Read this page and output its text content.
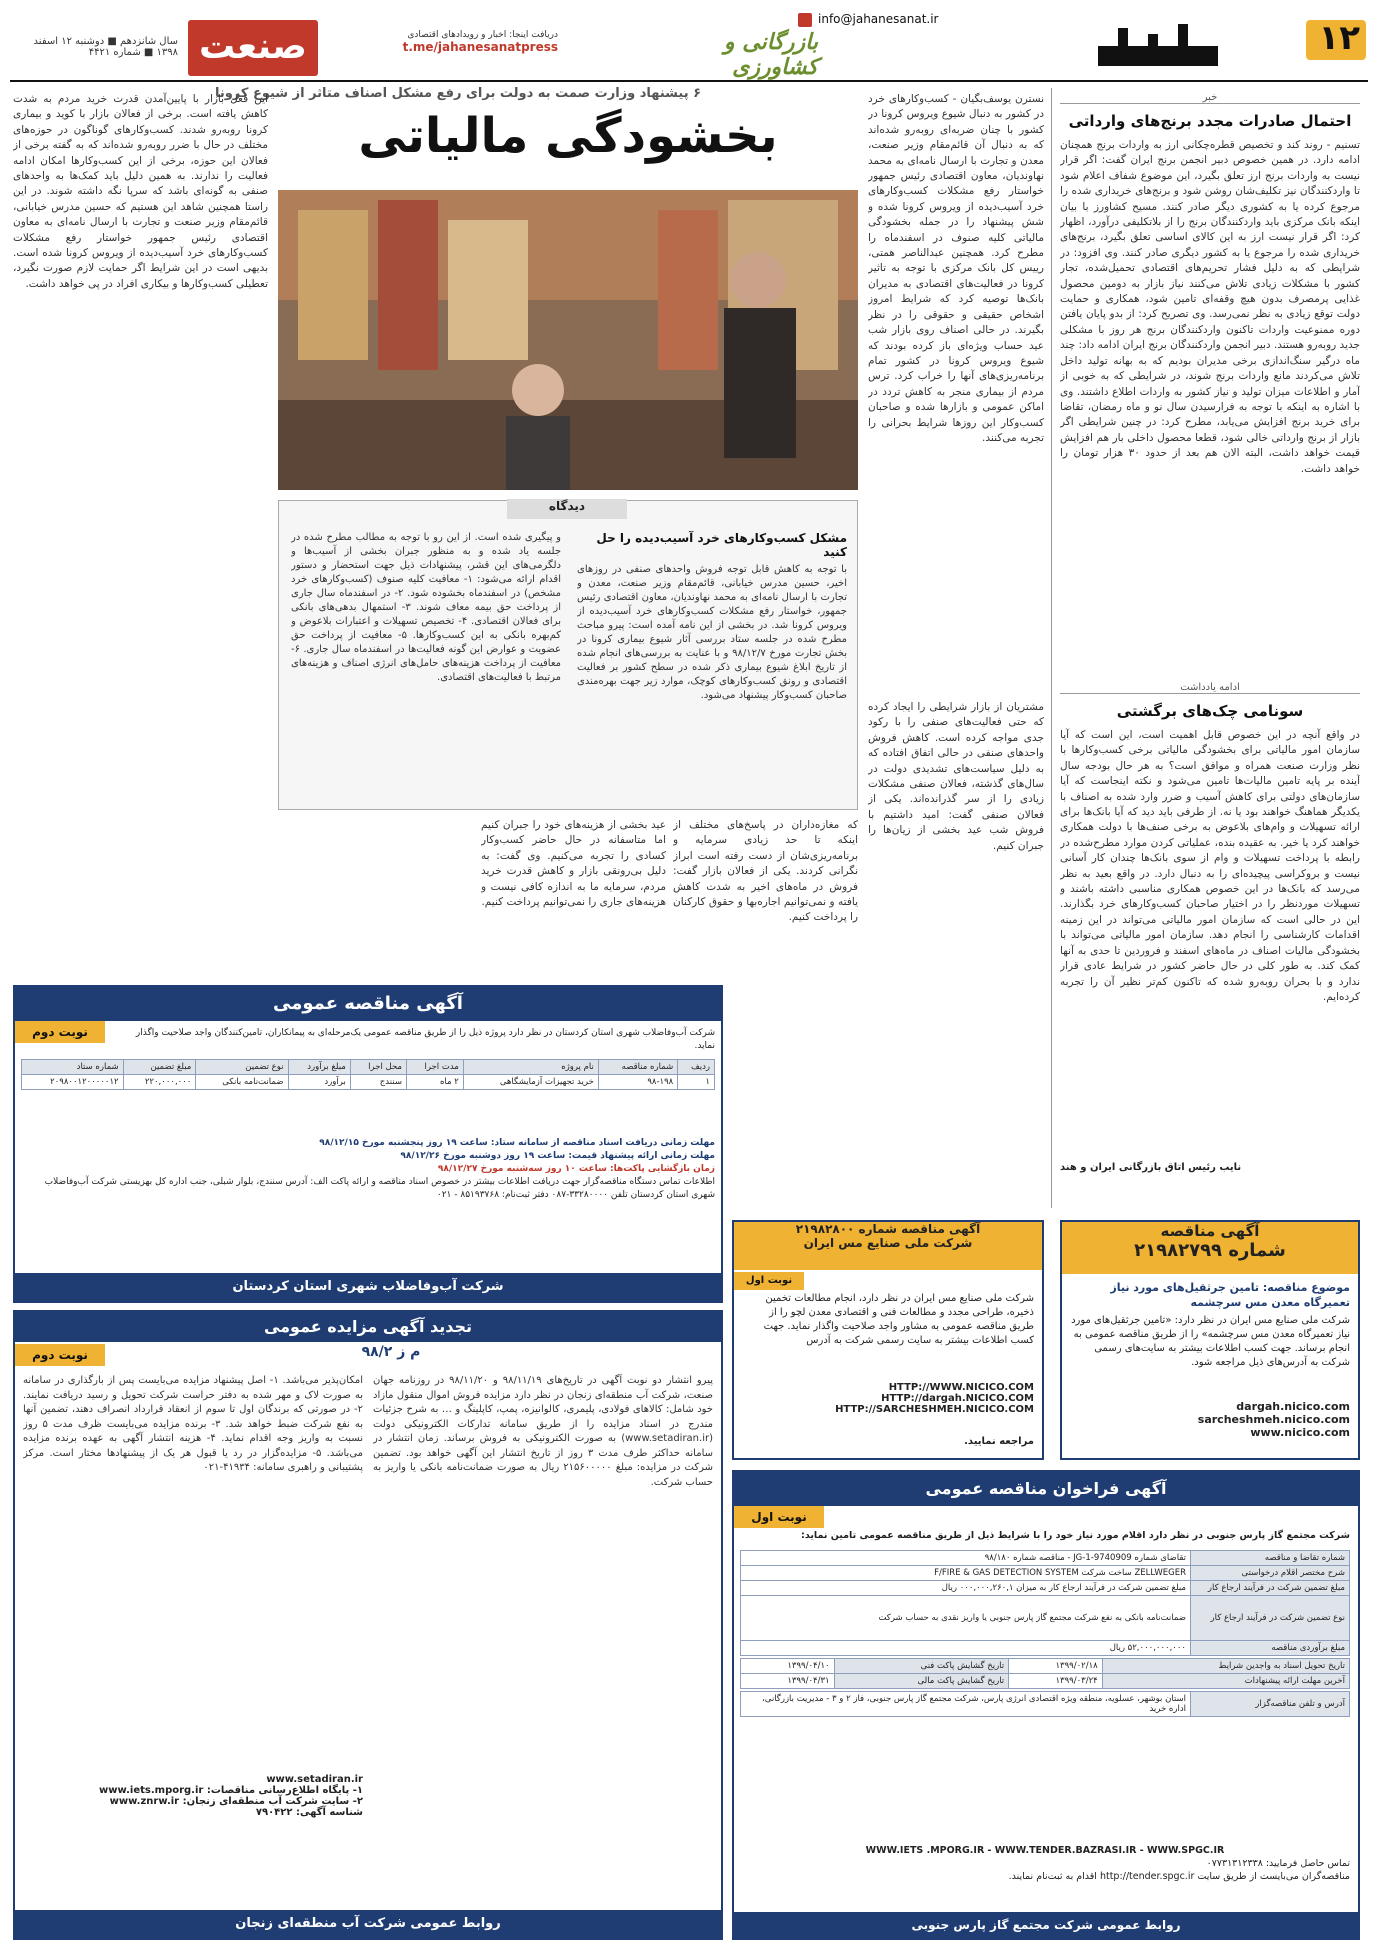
۱۲
info@jahanesanat.ir
بازرگانی و کشاورزی
دریافت اینجا: اخبار و رویدادهای اقتصادی
t.me/jahanesanatpress
صنعت
سال شانزدهم ■ دوشنبه ۱۲ اسفند ۱۳۹۸ ■ شماره ۴۴۲۱
خبر
احتمال صادرات مجدد برنج‌های وارداتی
تسنیم - روند کند و تخصیص قطره‌چکانی ارز به واردات برنج همچنان ادامه دارد. در همین خصوص دبیر انجمن برنج ایران گفت: اگر قرار نیست به واردات برنج ارز تعلق بگیرد، این موضوع شفاف اعلام شود تا واردکنندگان نیز تکلیف‌شان روشن شود و برنج‌های خریداری شده را مرجوع کرده یا به کشوری دیگر صادر کنند. مسیح کشاورز با بیان اینکه بانک مرکزی باید واردکنندگان برنج را از بلاتکلیفی درآورد، اظهار کرد: اگر قرار نیست ارز به این کالای اساسی تعلق بگیرد، برنج‌های خریداری شده را مرجوع یا به کشور دیگری صادر کنند. وی افزود: در شرایطی که به دلیل فشار تحریم‌های اقتصادی تحمیل‌شده، تجار کشور با مشکلات زیادی تلاش می‌کنند نیاز بازار به دومین محصول غذایی پرمصرف بدون هیچ وقفه‌ای تامین شود، همکاری و حمایت دولت توقع زیادی به نظر نمی‌رسد. وی تصریح کرد: از بدو پایان یافتن دوره ممنوعیت واردات تاکنون واردکنندگان برنج هر روز با مشکلی جدید روبه‌رو هستند. دبیر انجمن واردکنندگان برنج ایران ادامه داد: چند ماه درگیر سنگ‌اندازی برخی مدیران بودیم که به بهانه تولید داخل تلاش می‌کردند مانع واردات برنج شوند، در شرایطی که به خوبی از آمار و اطلاعات میزان تولید و نیاز کشور به واردات اطلاع داشتند. وی با اشاره به اینکه با توجه به فرارسیدن سال نو و ماه رمضان، تقاضا برای خرید برنج افزایش می‌یابد، مطرح کرد: در چنین شرایطی اگر بازار از برنج وارداتی خالی شود، قطعا محصول داخلی بار هم افزایش قیمت خواهد داشت، البته الان هم بعد از حدود ۳۰ هزار تومان را خواهد داشت.
ادامه یادداشت
سونامی چک‌های برگشتی
در واقع آنچه در این خصوص قابل اهمیت است، این است که آیا سازمان امور مالیاتی برای بخشودگی مالیاتی برخی کسب‌وکارها با نظر وزارت صنعت همراه و موافق است؟ به هر حال بودجه سال آینده بر پایه تامین مالیات‌ها تامین می‌شود و نکته اینجاست که آیا سازمان‌های دولتی برای کاهش آسیب و ضرر وارد شده به اصناف با یکدیگر هماهنگ خواهند بود یا نه. از طرفی باید دید که آیا بانک‌ها برای ارائه تسهیلات و وام‌های بلاعوض به برخی صنف‌ها با دولت همکاری خواهند کرد یا خیر. به عقیده بنده، عملیاتی کردن موارد مطرح‌شده در رابطه با پرداخت تسهیلات و وام از سوی بانک‌ها چندان کار آسانی نیست و بروکراسی پیچیده‌ای را به دنبال دارد. در واقع بعید به نظر می‌رسد که بانک‌ها در این خصوص همکاری مناسبی داشته باشند و تسهیلات موردنظر را در اختیار صاحبان کسب‌وکارهای خرد بگذارند. این در حالی است که سازمان امور مالیاتی می‌تواند در این زمینه اقدامات کارشناسی را انجام دهد. سازمان امور مالیاتی می‌تواند با بخشودگی مالیات اصناف در ماه‌های اسفند و فروردین تا حدی به آنها کمک کند. به طور کلی در حال حاضر کشور در شرایط عادی قرار ندارد و با بحران روبه‌رو شده که تاکنون کم‌تر نظیر آن را تجربه کرده‌ایم.
نایب رئیس اتاق بازرگانی ایران و هند
۶ پیشنهاد وزارت صمت به دولت برای رفع مشکل اصناف متاثر از شیوع کرونا
بخشودگی مالیاتی
نسترن یوسف‌بگیان - کسب‌وکارهای خرد در کشور به دنبال شیوع ویروس کرونا در کشور با چنان ضربه‌ای روبه‌رو شده‌اند که به دنبال آن قائم‌مقام وزیر صنعت، معدن و تجارت با ارسال نامه‌ای به محمد نهاوندیان، معاون اقتصادی رئیس جمهور خواستار رفع مشکلات کسب‌وکارهای خرد آسیب‌دیده از ویروس کرونا شده و شش پیشنهاد را در جمله بخشودگی مالیاتی کلیه صنوف در اسفندماه را مطرح کرد. همچنین عبدالناصر همتی، رییس کل بانک مرکزی با توجه به تاثیر کرونا در فعالیت‌های اقتصادی به مدیران بانک‌ها توصیه کرد که شرایط امروز اشخاص حقیقی و حقوقی را در نظر بگیرند. در حالی اصناف روی بازار شب عید حساب ویژه‌ای باز کرده بودند که شیوع ویروس کرونا در کشور تمام برنامه‌ریزی‌های آنها را خراب کرد. ترس مردم از بیماری منجر به کاهش تردد در اماکن عمومی و بازارها شده و صاحبان کسب‌وکار این روزها شرایط بحرانی را تجربه می‌کنند.
دیدگاه
مشکل کسب‌وکارهای خرد آسیب‌دیده را حل کنید
با توجه به کاهش قابل توجه فروش واحدهای صنفی در روزهای اخیر، حسین مدرس خیابانی، قائم‌مقام وزیر صنعت، معدن و تجارت با ارسال نامه‌ای به محمد نهاوندیان، معاون اقتصادی رئیس جمهور، خواستار رفع مشکلات کسب‌وکارهای خرد آسیب‌دیده از ویروس کرونا شد. در بخشی از این نامه آمده است: پیرو مباحث مطرح شده در جلسه ستاد بررسی آثار شیوع بیماری کرونا در بخش تجارت مورخ ۹۸/۱۲/۷ و با عنایت به بررسی‌های انجام شده از تاریخ ابلاغ شیوع بیماری ذکر شده در سطح کشور بر فعالیت اقتصادی و رونق کسب‌وکارهای کوچک، موارد زیر جهت بهره‌مندی صاحبان کسب‌وکار پیشنهاد می‌شود.
و پیگیری شده است. از این رو با توجه به مطالب مطرح شده در جلسه یاد شده و به منظور جبران بخشی از آسیب‌ها و دلگرمی‌های این قشر، پیشنهادات ذیل جهت استحضار و دستور اقدام ارائه می‌شود: ۱- معافیت کلیه صنوف (کسب‌وکارهای خرد مشخص) در اسفندماه بخشوده شود. ۲- در اسفندماه سال جاری از پرداخت حق بیمه معاف شوند. ۳- استمهال بدهی‌های بانکی برای فعالان اقتصادی. ۴- تخصیص تسهیلات و اعتبارات بلاعوض و کم‌بهره بانکی به این کسب‌وکارها. ۵- معافیت از پرداخت حق عضویت و عوارض این گونه فعالیت‌ها در اسفندماه سال جاری. ۶- معافیت از پرداخت هزینه‌های حامل‌های انرژی اصناف و هزینه‌های مرتبط با فعالیت‌های اقتصادی.
مشتریان از بازار شرایطی را ایجاد کرده که حتی فعالیت‌های صنفی را با رکود جدی مواجه کرده است. کاهش فروش واحدهای صنفی در حالی اتفاق افتاده که به دلیل سیاست‌های تشدیدی دولت در سال‌های گذشته، فعالان صنفی مشکلات زیادی را از سر گذرانده‌اند. یکی از فعالان صنفی گفت: امید داشتیم با فروش شب عید بخشی از زیان‌ها را جبران کنیم.
که مغازه‌داران در پاسخ‌های مختلف از اینکه تا حد زیادی سرمایه و برنامه‌ریزی‌شان از دست رفته است ابراز نگرانی کردند. یکی از فعالان بازار گفت: فروش در ماه‌های اخیر به شدت کاهش یافته و نمی‌توانیم اجاره‌بها و حقوق کارکنان را پرداخت کنیم.
عید بخشی از هزینه‌های خود را جبران کنیم اما متاسفانه در حال حاضر کسب‌وکار کسادی را تجربه می‌کنیم. وی گفت: به دلیل بی‌رونقی بازار و کاهش قدرت خرید مردم، سرمایه ما به اندازه کافی نیست و هزینه‌های جاری را نمی‌توانیم پرداخت کنیم.
این فعل بازار با پایین‌آمدن قدرت خرید مردم به شدت کاهش یافته است. برخی از فعالان بازار با کوید و بیماری کرونا روبه‌رو شدند. کسب‌وکارهای گوناگون در حوزه‌های مختلف در حال با ضرر روبه‌رو شده‌اند که به گفته برخی از فعالان این حوزه، برخی از این کسب‌وکارها امکان ادامه فعالیت را ندارند. به همین دلیل باید کمک‌ها به واحدهای صنفی به گونه‌ای باشد که سرپا نگه داشته شوند. در این راستا همچنین شاهد این هستیم که حسین مدرس خیابانی، قائم‌مقام وزیر صنعت و تجارت با ارسال نامه‌ای به معاون اقتصادی رئیس جمهور خواستار رفع مشکلات کسب‌وکارهای خرد آسیب‌دیده از ویروس کرونا شده است. بدیهی است در این شرایط اگر حمایت لازم صورت نگیرد، تعطیلی کسب‌وکارها و بیکاری افراد در پی خواهد داشت.
آگهی مناقصه عمومی
نوبت دوم	شرکت آب‌وفاضلاب شهری استان کردستان در نظر دارد پروژه ذیل را از طریق مناقصه عمومی یک‌مرحله‌ای به پیمانکاران، تامین‌کنندگان واجد صلاحیت واگذار نماید.
ردیف	شماره مناقصه	نام پروژه	مدت اجرا	محل اجرا	مبلغ برآورد	نوع تضمین	مبلغ تضمین	شماره ستاد
۱	۹۸-۱۹۸	خرید تجهیزات آزمایشگاهی	۲ ماه	سنندج	برآورد	ضمانت‌نامه بانکی	۲۲۰,۰۰۰,۰۰۰	۲۰۹۸۰۰۱۲۰۰۰۰۰۱۲
مهلت زمانی دریافت اسناد مناقصه از سامانه ستاد: ساعت ۱۹ روز پنجشنبه مورخ ۹۸/۱۲/۱۵
مهلت زمانی ارائه پیشنهاد قیمت: ساعت ۱۹ روز دوشنبه مورخ ۹۸/۱۲/۲۶
زمان بازگشایی پاکت‌ها: ساعت ۱۰ روز سه‌شنبه مورخ ۹۸/۱۲/۲۷
اطلاعات تماس دستگاه مناقصه‌گزار جهت دریافت اطلاعات بیشتر در خصوص اسناد مناقصه و ارائه پاکت الف: آدرس سنندج، بلوار شبلی، جنب اداره کل بهزیستی شرکت آب‌وفاضلاب شهری استان کردستان تلفن ۳۳۲۸۰۰۰۰-۰۸۷ دفتر ثبت‌نام: ۸۵۱۹۳۷۶۸ - ۰۲۱
شرکت آب‌وفاضلاب شهری استان کردستان
آگهی مناقصه
شماره ۲۱۹۸۲۷۹۹
موضوع مناقصه: تامین جرثقیل‌های مورد نیاز تعمیرگاه معدن مس سرچشمه
شرکت ملی صنایع مس ایران در نظر دارد: «تامین جرثقیل‌های مورد نیاز تعمیرگاه معدن مس سرچشمه» را از طریق مناقصه عمومی به انجام برساند. جهت کسب اطلاعات بیشتر به سایت‌های رسمی شرکت به آدرس‌های ذیل مراجعه شود.
dargah.nicico.com
sarcheshmeh.nicico.com
www.nicico.com
آگهی مناقصه شماره ۲۱۹۸۲۸۰۰
شرکت ملی صنایع مس ایران
نوبت اول
شرکت ملی صنایع مس ایران در نظر دارد، انجام مطالعات تخمین ذخیره، طراحی مجدد و مطالعات فنی و اقتصادی معدن لچو را از طریق مناقصه عمومی به مشاور واجد صلاحیت واگذار نماید. جهت کسب اطلاعات بیشتر به سایت رسمی شرکت به آدرس
HTTP://WWW.NICICO.COM
HTTP://dargah.NICICO.COM
HTTP://SARCHESHMEH.NICICO.COM
مراجعه نمایید.
تجدید آگهی مزایده عمومی
م ز ۹۸/۲
نوبت دوم
پیرو انتشار دو نوبت آگهی در تاریخ‌های ۹۸/۱۱/۱۹ و ۹۸/۱۱/۲۰ در روزنامه جهان صنعت، شرکت آب منطقه‌ای زنجان در نظر دارد مزایده فروش اموال منقول مازاد خود شامل: کالاهای فولادی، پلیمری، کالوانیزه، پمپ، کاپلینگ و … به شرح جزئیات مندرج در اسناد مزایده را از طریق سامانه تدارکات الکترونیکی دولت (www.setadiran.ir) به صورت الکترونیکی به فروش برساند. زمان انتشار در سامانه حداکثر طرف مدت ۳ روز از تاریخ انتشار این آگهی خواهد بود. تضمین شرکت در مزایده: مبلغ ۲۱۵۶۰۰۰۰۰ ریال به صورت ضمانت‌نامه بانکی یا واریز به حساب شرکت.
امکان‌پذیر می‌باشد. ۱- اصل پیشنهاد مزایده می‌بایست پس از بارگذاری در سامانه به صورت لاک و مهر شده به دفتر حراست شرکت تحویل و رسید دریافت نمایند. ۲- در صورتی که برندگان اول تا سوم از انعقاد قرارداد انصراف دهند، تضمین آنها به نفع شرکت ضبط خواهد شد. ۳- برنده مزایده می‌بایست ظرف مدت ۵ روز نسبت به واریز وجه اقدام نماید. ۴- هزینه انتشار آگهی به عهده برنده مزایده می‌باشد. ۵- مزایده‌گزار در رد یا قبول هر یک از پیشنهادها مختار است. مرکز پشتیبانی و راهبری سامانه: ۴۱۹۳۴-۰۲۱
www.setadiran.ir
۱- پایگاه اطلاع‌رسانی مناقصات: www.iets.mporg.ir
۲- سایت شرکت آب منطقه‌ای زنجان: www.znrw.ir
شناسه آگهی: ۷۹۰۴۲۲
روابط عمومی شرکت آب منطقه‌ای زنجان
آگهی فراخوان مناقصه عمومی
نوبت اول
شرکت مجتمع گاز پارس جنوبی در نظر دارد اقلام مورد نیاز خود را با شرایط ذیل از طریق مناقصه عمومی تامین نماید:
شماره تقاضا و مناقصه	تقاضای شماره 9740909-JG-1 - مناقصه شماره ۹۸/۱۸۰
شرح مختصر اقلام درخواستی	ZELLWEGER ساخت شرکت F/FIRE & GAS DETECTION SYSTEM
مبلغ تضمین شرکت در فرآیند ارجاع کار	مبلغ تضمین شرکت در فرآیند ارجاع کار به میزان ۰۰۰,۰۰۰,۲۶۰,۱ ریال
نوع تضمین شرکت در فرآیند ارجاع کار	ضمانت‌نامه بانکی به نفع شرکت مجتمع گاز پارس جنوبی یا واریز نقدی به حساب شرکت
مبلغ برآوردی مناقصه	۵۲,۰۰۰,۰۰۰,۰۰۰ ریال
تاریخ تحویل اسناد به واجدین شرایط	۱۳۹۹/۰۲/۱۸	تاریخ گشایش پاکت فنی	۱۳۹۹/۰۴/۱۰
آخرین مهلت ارائه پیشنهادات	۱۳۹۹/۰۳/۲۴	تاریخ گشایش پاکت مالی	۱۳۹۹/۰۴/۳۱
آدرس و تلفن مناقصه‌گزار	استان بوشهر، عسلویه، منطقه ویژه اقتصادی انرژی پارس، شرکت مجتمع گاز پارس جنوبی، فاز ۲ و ۳ - مدیریت بازرگانی، اداره خرید
WWW.IETS .MPORG.IR - WWW.TENDER.BAZRASI.IR - WWW.SPGC.IR
تماس حاصل فرمایید: ۰۷۷۳۱۳۱۲۳۳۸
مناقصه‌گران می‌بایست از طریق سایت http://tender.spgc.ir اقدام به ثبت‌نام نمایند.
روابط عمومی شرکت مجتمع گاز پارس جنوبی
